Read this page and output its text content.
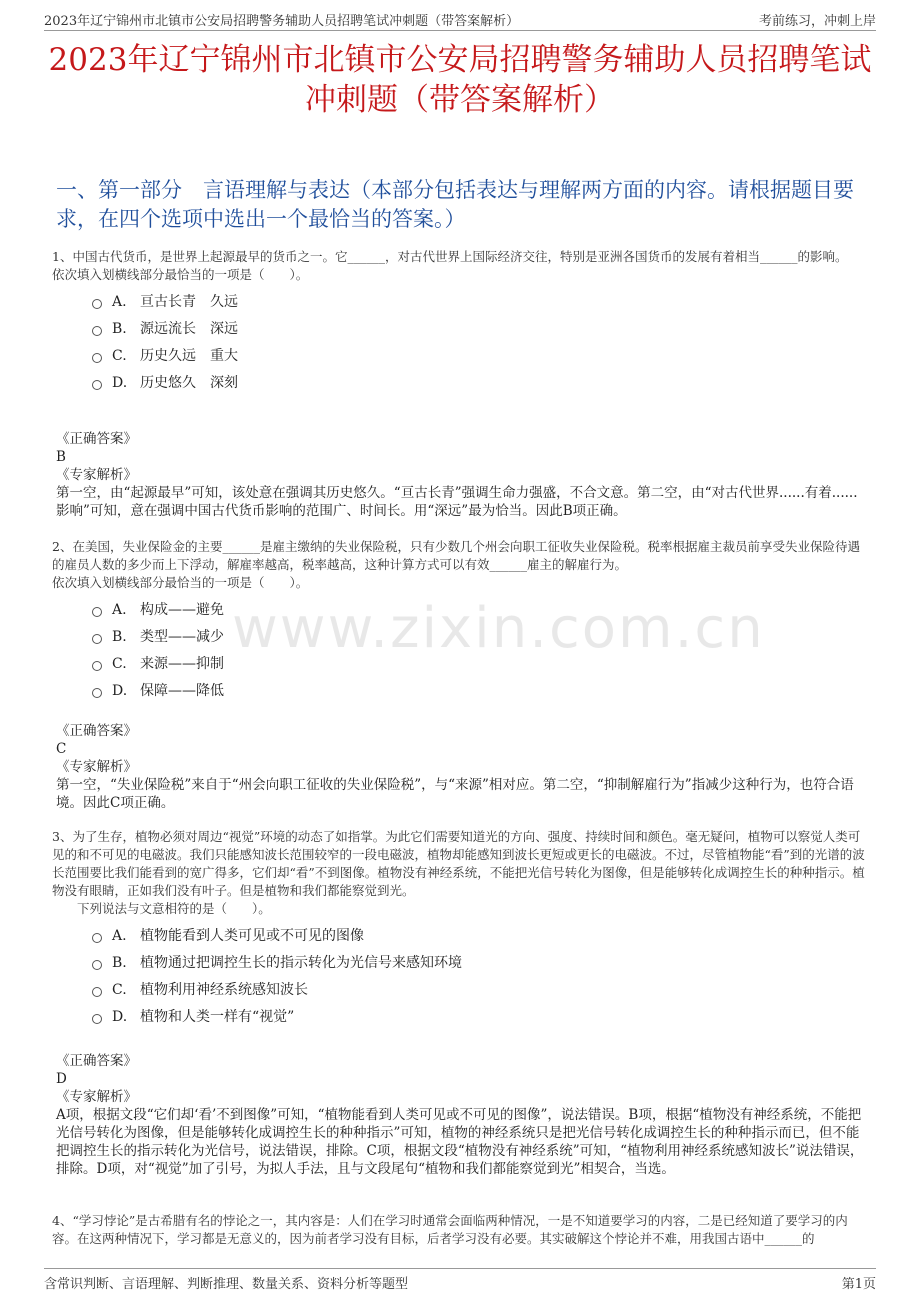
2023年辽宁锦州市北镇市公安局招聘警务辅助人员招聘笔试冲刺题（带答案解析）	考前练习，冲刺上岸
2023年辽宁锦州市北镇市公安局招聘警务辅助人员招聘笔试冲刺题（带答案解析）
一、第一部分　言语理解与表达（本部分包括表达与理解两方面的内容。请根据题目要求，在四个选项中选出一个最恰当的答案。）
www.zixin.com.cn

1、中国古代货币，是世界上起源最早的货币之一。它______，对古代世界上国际经济交往，特别是亚洲各国货币的发展有着相当______的影响。

依次填入划横线部分最恰当的一项是（　　）。

A. 亘古长青　久远
B. 源远流长　深远
C. 历史久远　重大
D. 历史悠久　深刻

《正确答案》

B

《专家解析》

第一空，由“起源最早”可知，该处意在强调其历史悠久。“亘古长青”强调生命力强盛，不合文意。第二空，由“对古代世界......有着......影响”可知，意在强调中国古代货币影响的范围广、时间长。用“深远”最为恰当。因此B项正确。

2、在美国，失业保险金的主要______是雇主缴纳的失业保险税，只有少数几个州会向职工征收失业保险税。税率根据雇主裁员前享受失业保险待遇的雇员人数的多少而上下浮动，解雇率越高，税率越高，这种计算方式可以有效______雇主的解雇行为。

依次填入划横线部分最恰当的一项是（　　）。

A. 构成——避免
B. 类型——减少
C. 来源——抑制
D. 保障——降低

《正确答案》

C

《专家解析》

第一空，“失业保险税”来自于“州会向职工征收的失业保险税”，与“来源”相对应。第二空，“抑制解雇行为”指减少这种行为，也符合语境。因此C项正确。

3、为了生存，植物必须对周边“视觉”环境的动态了如指掌。为此它们需要知道光的方向、强度、持续时间和颜色。毫无疑问，植物可以察觉人类可见的和不可见的电磁波。我们只能感知波长范围较窄的一段电磁波，植物却能感知到波长更短或更长的电磁波。不过，尽管植物能“看”到的光谱的波长范围要比我们能看到的宽广得多，它们却“看”不到图像。植物没有神经系统，不能把光信号转化为图像，但是能够转化成调控生长的种种指示。植物没有眼睛，正如我们没有叶子。但是植物和我们都能察觉到光。

　　下列说法与文意相符的是（　　）。

A. 植物能看到人类可见或不可见的图像
B. 植物通过把调控生长的指示转化为光信号来感知环境
C. 植物利用神经系统感知波长
D. 植物和人类一样有“视觉”

《正确答案》

D

《专家解析》

A项，根据文段“它们却‘看’不到图像”可知，“植物能看到人类可见或不可见的图像”，说法错误。B项，根据“植物没有神经系统，不能把光信号转化为图像，但是能够转化成调控生长的种种指示”可知，植物的神经系统只是把光信号转化成调控生长的种种指示而已，但不能把调控生长的指示转化为光信号，说法错误，排除。C项，根据文段“植物没有神经系统”可知，“植物利用神经系统感知波长”说法错误，排除。D项，对“视觉”加了引号，为拟人手法，且与文段尾句“植物和我们都能察觉到光”相契合，当选。

4、“学习悖论”是古希腊有名的悖论之一，其内容是：人们在学习时通常会面临两种情况，一是不知道要学习的内容，二是已经知道了要学习的内容。在这两种情况下，学习都是无意义的，因为前者学习没有目标，后者学习没有必要。其实破解这个悖论并不难，用我国古语中______的

含常识判断、言语理解、判断推理、数量关系、资料分析等题型	第1页
